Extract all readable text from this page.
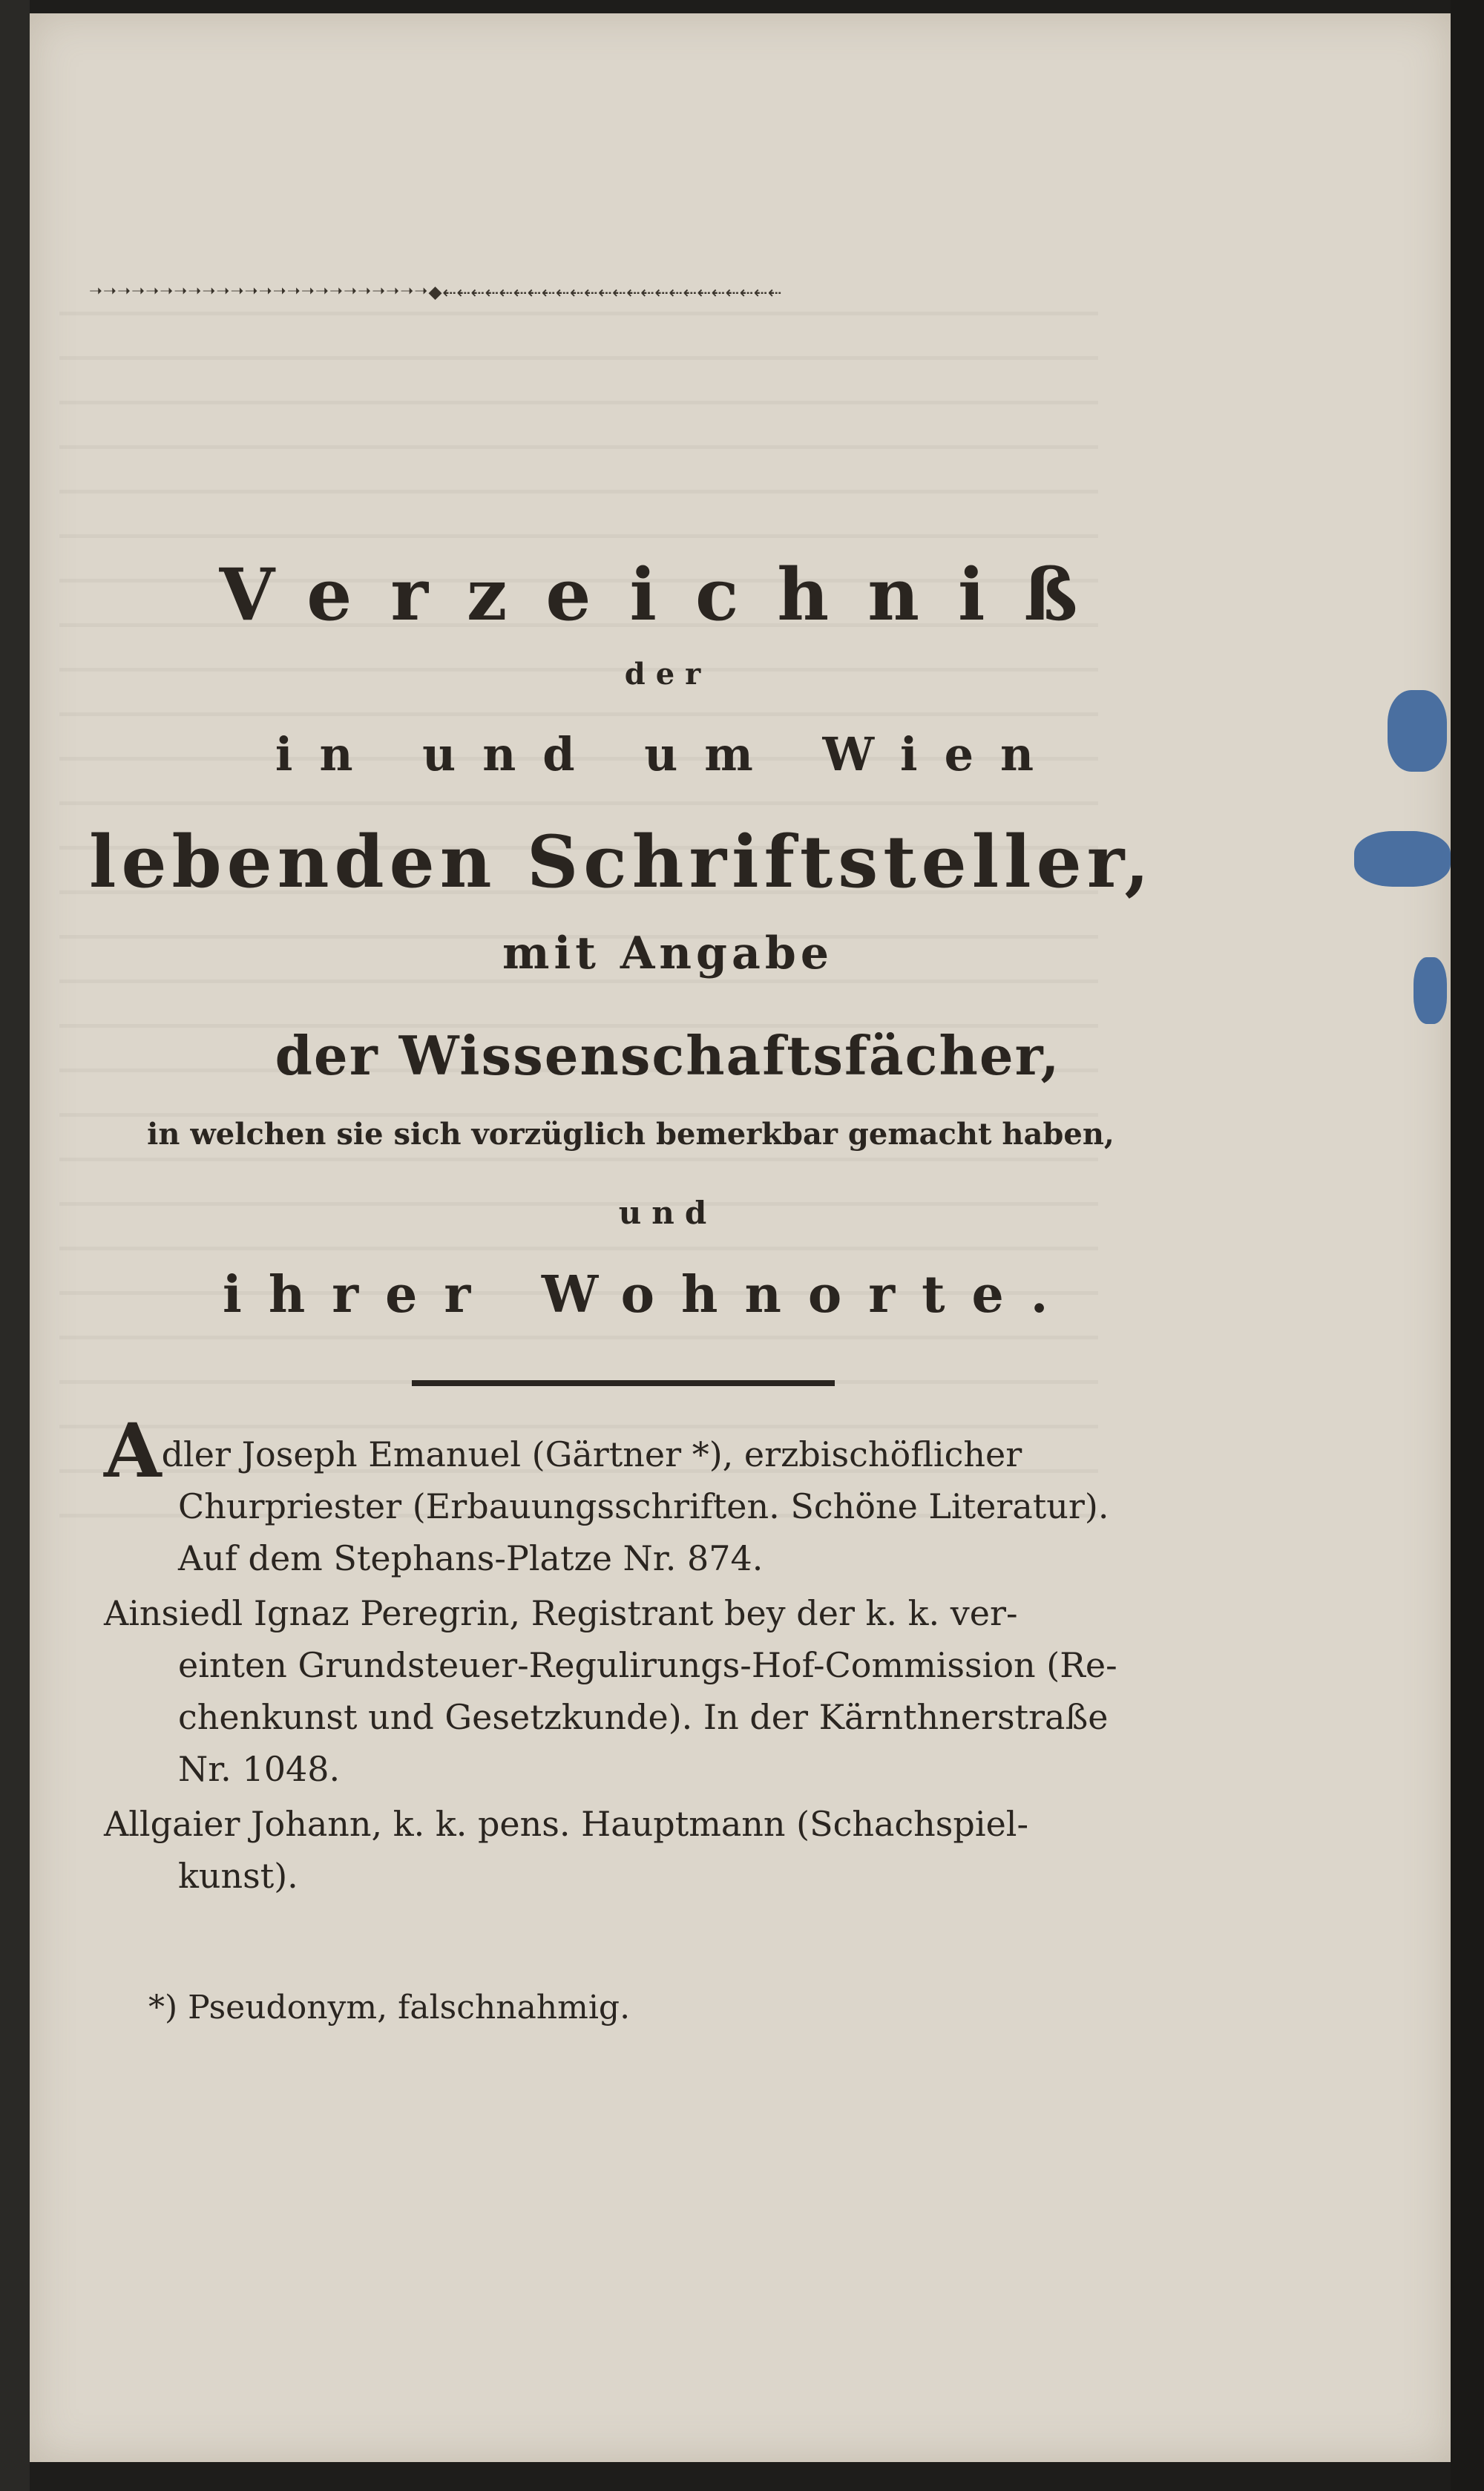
➝➝➝➝➝➝➝➝➝➝➝➝➝➝➝➝➝➝➝➝➝➝➝➝◆⇠⇠⇠⇠⇠⇠⇠⇠⇠⇠⇠⇠⇠⇠⇠⇠⇠⇠⇠⇠⇠⇠⇠⇠
Verzeichniß
der
in und um Wien
lebenden Schriftsteller,
mit Angabe
der Wissenschaftsfächer,
in welchen sie sich vorzüglich bemerkbar gemacht haben,
und
ihrer Wohnorte.
Adler Joseph Emanuel (Gärtner *), erzbischöflicher
Churpriester (Erbauungsschriften. Schöne Literatur).
Auf dem Stephans-Platze Nr. 874.
Ainsiedl Ignaz Peregrin, Registrant bey der k. k. ver-
einten Grundsteuer-Regulirungs-Hof-Commission (Re-
chenkunst und Gesetzkunde). In der Kärnthnerstraße
Nr. 1048.
Allgaier Johann, k. k. pens. Hauptmann (Schachspiel-
kunst).
*) Pseudonym, falschnahmig.
